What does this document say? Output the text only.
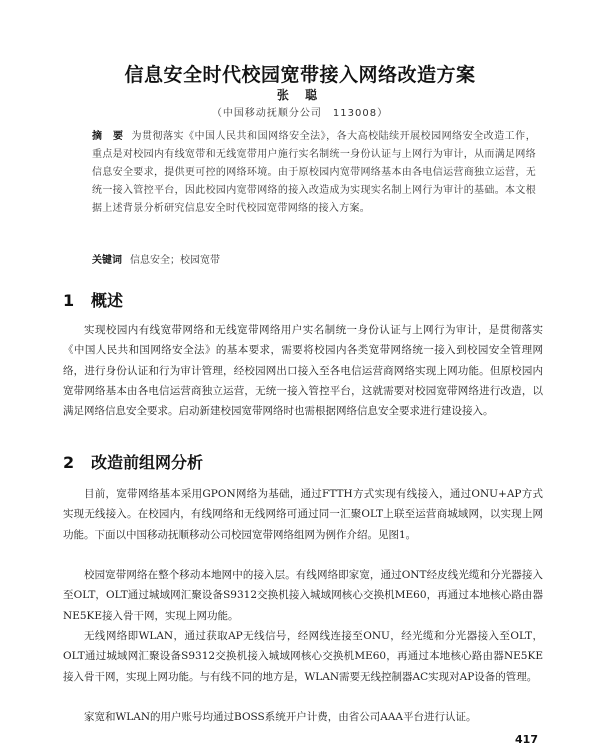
信息安全时代校园宽带接入网络改造方案
张 聪
（中国移动抚顺分公司　113008）
摘　要 为贯彻落实《中国人民共和国网络安全法》，各大高校陆续开展校园网络安全改造工作，重点是对校园内有线宽带和无线宽带用户施行实名制统一身份认证与上网行为审计，从而满足网络信息安全要求，提供更可控的网络环境。由于原校园内宽带网络基本由各电信运营商独立运营，无统一接入管控平台，因此校园内宽带网络的接入改造成为实现实名制上网行为审计的基础。本文根据上述背景分析研究信息安全时代校园宽带网络的接入方案。
关键词 信息安全；校园宽带
1 概述

实现校园内有线宽带网络和无线宽带网络用户实名制统一身份认证与上网行为审计，是贯彻落实《中国人民共和国网络安全法》的基本要求，需要将校园内各类宽带网络统一接入到校园安全管理网络，进行身份认证和行为审计管理，经校园网出口接入至各电信运营商网络实现上网功能。但原校园内宽带网络基本由各电信运营商独立运营，无统一接入管控平台，这就需要对校园宽带网络进行改造，以满足网络信息安全要求。启动新建校园宽带网络时也需根据网络信息安全要求进行建设接入。

2 改造前组网分析

目前，宽带网络基本采用GPON网络为基础，通过FTTH方式实现有线接入，通过ONU+AP方式实现无线接入。在校园内，有线网络和无线网络可通过同一汇聚OLT上联至运营商城域网，以实现上网功能。下面以中国移动抚顺移动公司校园宽带网络组网为例作介绍。见图1。

校园宽带网络在整个移动本地网中的接入层。有线网络即家宽，通过ONT经皮线光缆和分光器接入至OLT，OLT通过城域网汇聚设备S9312交换机接入城域网核心交换机ME60，再通过本地核心路由器NE5KE接入骨干网，实现上网功能。

无线网络即WLAN，通过获取AP无线信号，经网线连接至ONU，经光缆和分光器接入至OLT，OLT通过城域网汇聚设备S9312交换机接入城域网核心交换机ME60，再通过本地核心路由器NE5KE接入骨干网，实现上网功能。与有线不同的地方是，WLAN需要无线控制器AC实现对AP设备的管理。

家宽和WLAN的用户账号均通过BOSS系统开户计费，由省公司AAA平台进行认证。

417
